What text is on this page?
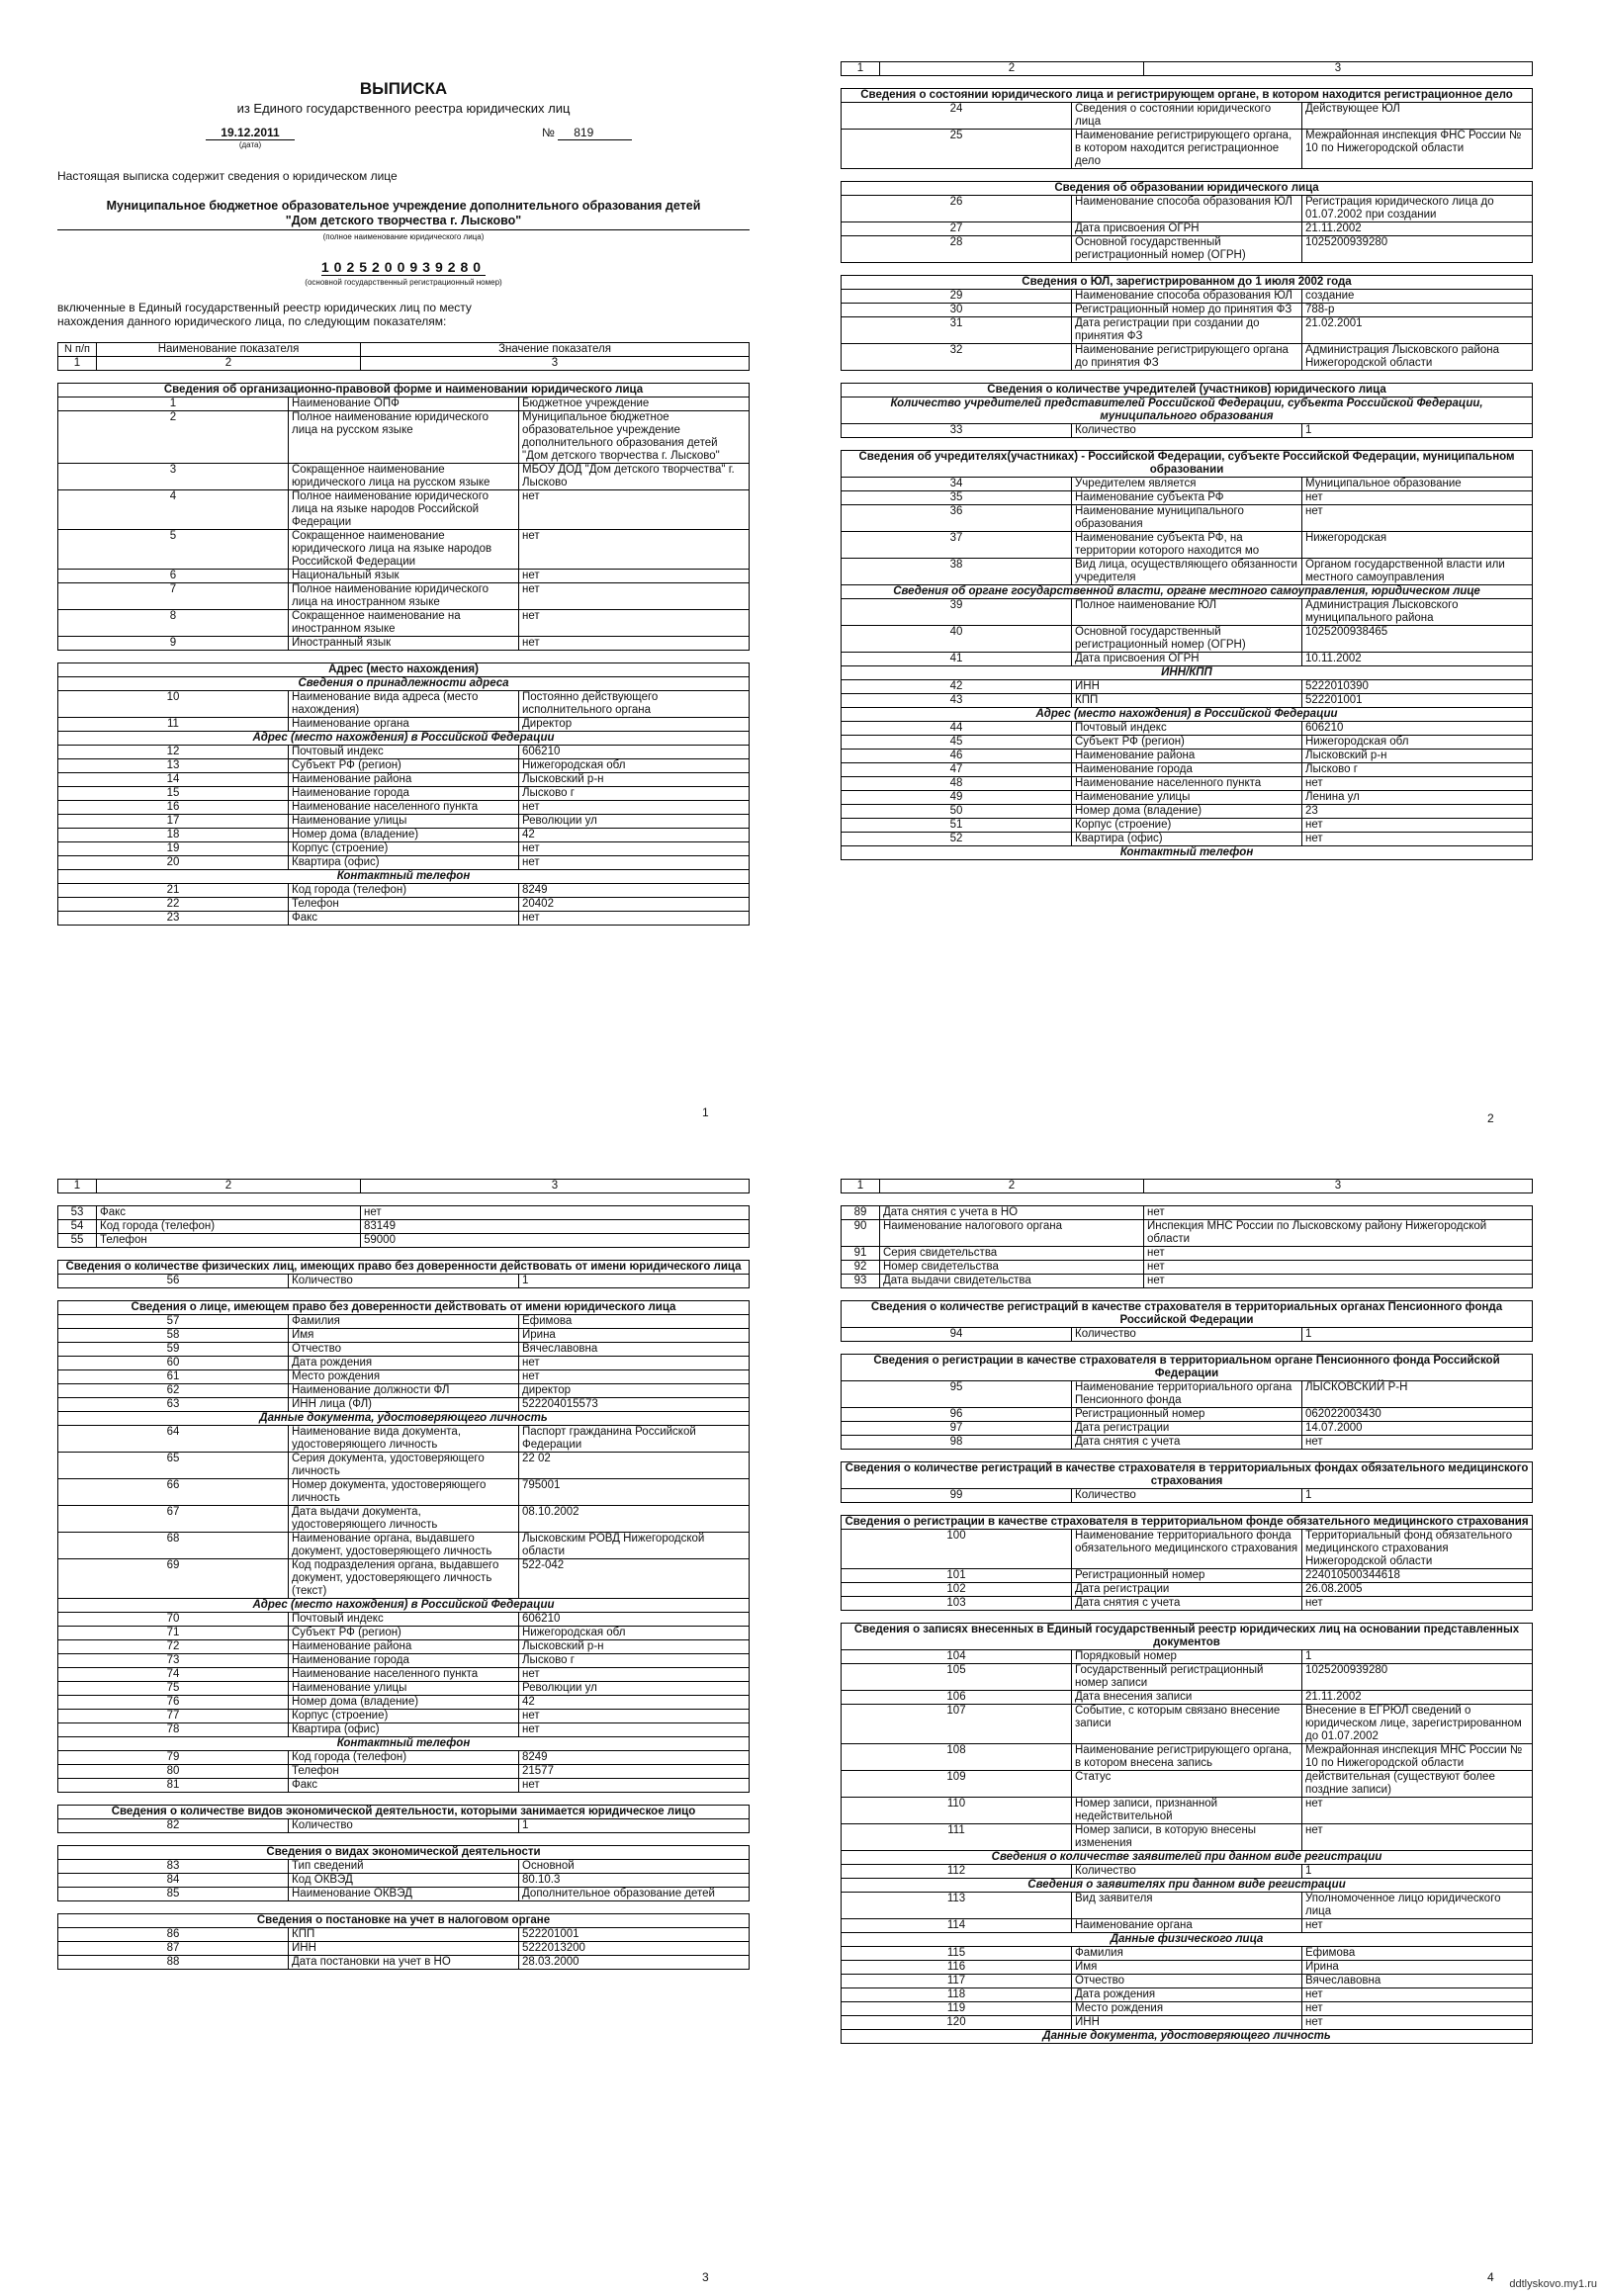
ВЫПИСКА
из Единого государственного реестра юридических лиц
19.12.2011
(дата)
№ 819
Настоящая выписка содержит сведения о юридическом лице
Муниципальное бюджетное образовательное учреждение дополнительного образования детей
"Дом детского творчества г. Лысково"
(полное наименование юридического лица)
1025200939280
(основной государственный регистрационный номер)
включенные в Единый государственный реестр юридических лиц по месту
нахождения данного юридического лица, по следующим показателям:
N п/п	Наименование показателя	Значение показателя
1	2	3
Сведения об организационно-правовой форме и наименовании юридического лица		
1	Наименование ОПФ	Бюджетное учреждение
2	Полное наименование юридического лица на русском языке	Муниципальное бюджетное образовательное учреждение дополнительного образования детей "Дом детского творчества г. Лысково"
3	Сокращенное наименование юридического лица на русском языке	МБОУ ДОД "Дом детского творчества" г. Лысково
4	Полное наименование юридического лица на языке народов Российской Федерации	нет
5	Сокращенное наименование юридического лица на языке народов Российской Федерации	нет
6	Национальный язык	нет
7	Полное наименование юридического лица на иностранном языке	нет
8	Сокращенное наименование на иностранном языке	нет
9	Иностранный язык	нет
Адрес (место нахождения)		
Сведения о принадлежности адреса		
10	Наименование вида адреса (место нахождения)	Постоянно действующего исполнительного органа
11	Наименование органа	Директор
Адрес (место нахождения) в Российской Федерации		
12	Почтовый индекс	606210
13	Субъект РФ (регион)	Нижегородская обл
14	Наименование района	Лысковский р-н
15	Наименование города	Лысково г
16	Наименование населенного пункта	нет
17	Наименование улицы	Революции ул
18	Номер дома (владение)	42
19	Корпус (строение)	нет
20	Квартира (офис)	нет
Контактный телефон		
21	Код города (телефон)	8249
22	Телефон	20402
23	Факс	нет
1
1	2	3
Сведения о состоянии юридического лица и регистрирующем органе, в котором находится регистрационное дело		
24	Сведения о состоянии юридического лица	Действующее ЮЛ
25	Наименование регистрирующего органа, в котором находится регистрационное дело	Межрайонная инспекция ФНС России № 10 по Нижегородской области
Сведения об образовании юридического лица		
26	Наименование способа образования ЮЛ	Регистрация юридического лица до 01.07.2002 при создании
27	Дата присвоения ОГРН	21.11.2002
28	Основной государственный регистрационный номер (ОГРН)	1025200939280
Сведения о ЮЛ, зарегистрированном до 1 июля 2002 года		
29	Наименование способа образования ЮЛ	создание
30	Регистрационный номер до принятия ФЗ	788-р
31	Дата регистрации при создании до принятия ФЗ	21.02.2001
32	Наименование регистрирующего органа до принятия ФЗ	Администрация Лысковского района Нижегородской области
Сведения о количестве учредителей (участников) юридического лица
Количество учредителей представителей Российской Федерации, субъекта Российской Федерации, муниципального образования
33	Количество	1
Сведения об учредителях(участниках) - Российской Федерации, субъекте Российской Федерации, муниципальном образовании		
34	Учредителем является	Муниципальное образование
35	Наименование субъекта РФ	нет
36	Наименование муниципального образования	нет
37	Наименование субъекта РФ, на территории которого находится мо	Нижегородская
38	Вид лица, осуществляющего обязанности учредителя	Органом государственной власти или местного самоуправления
Сведения об органе государственной власти, органе местного самоуправления, юридическом лице		
39	Полное наименование ЮЛ	Администрация Лысковского муниципального района
40	Основной государственный регистрационный номер (ОГРН)	1025200938465
41	Дата присвоения ОГРН	10.11.2002
ИНН/КПП		
42	ИНН	5222010390
43	КПП	522201001
Адрес (место нахождения) в Российской Федерации		
44	Почтовый индекс	606210
45	Субъект РФ (регион)	Нижегородская обл
46	Наименование района	Лысковский р-н
47	Наименование города	Лысково г
48	Наименование населенного пункта	нет
49	Наименование улицы	Ленина ул
50	Номер дома (владение)	23
51	Корпус (строение)	нет
52	Квартира (офис)	нет
Контактный телефон		
2
1	2	3
53	Факс	нет
54	Код города (телефон)	83149
55	Телефон	59000
Сведения о количестве физических лиц, имеющих право без доверенности действовать от имени юридического лица
56	Количество	1
Сведения о лице, имеющем право без доверенности действовать от имени юридического лица		
57	Фамилия	Ефимова
58	Имя	Ирина
59	Отчество	Вячеславовна
60	Дата рождения	нет
61	Место рождения	нет
62	Наименование должности ФЛ	директор
63	ИНН лица (ФЛ)	522204015573
Данные документа, удостоверяющего личность		
64	Наименование вида документа, удостоверяющего личность	Паспорт гражданина Российской Федерации
65	Серия документа, удостоверяющего личность	22 02
66	Номер документа, удостоверяющего личность	795001
67	Дата выдачи документа, удостоверяющего личность	08.10.2002
68	Наименование органа, выдавшего документ, удостоверяющего личность	Лысковским РОВД Нижегородской области
69	Код подразделения органа, выдавшего документ, удостоверяющего личность (текст)	522-042
Адрес (место нахождения) в Российской Федерации		
70	Почтовый индекс	606210
71	Субъект РФ (регион)	Нижегородская обл
72	Наименование района	Лысковский р-н
73	Наименование города	Лысково г
74	Наименование населенного пункта	нет
75	Наименование улицы	Революции ул
76	Номер дома (владение)	42
77	Корпус (строение)	нет
78	Квартира (офис)	нет
Контактный телефон		
79	Код города (телефон)	8249
80	Телефон	21577
81	Факс	нет
Сведения о количестве видов экономической деятельности, которыми занимается юридическое лицо
82	Количество	1
Сведения о видах экономической деятельности		
83	Тип сведений	Основной
84	Код ОКВЭД	80.10.3
85	Наименование ОКВЭД	Дополнительное образование детей
Сведения о постановке на учет в налоговом органе		
86	КПП	522201001
87	ИНН	5222013200
88	Дата постановки на учет в НО	28.03.2000
3
1	2	3
89	Дата снятия с учета в НО	нет
90	Наименование налогового органа	Инспекция МНС России по Лысковскому району Нижегородской области
91	Серия свидетельства	нет
92	Номер свидетельства	нет
93	Дата выдачи свидетельства	нет
Сведения о количестве регистраций в качестве страхователя в территориальных органах Пенсионного фонда Российской Федерации
94	Количество	1
Сведения о регистрации в качестве страхователя в территориальном органе Пенсионного фонда Российской Федерации		
95	Наименование территориального органа Пенсионного фонда	ЛЫСКОВСКИЙ Р-Н
96	Регистрационный номер	062022003430
97	Дата регистрации	14.07.2000
98	Дата снятия с учета	нет
Сведения о количестве регистраций в качестве страхователя в территориальных фондах обязательного медицинского страхования
99	Количество	1
Сведения о регистрации в качестве страхователя в территориальном фонде обязательного медицинского страхования		
100	Наименование территориального фонда обязательного медицинского страхования	Территориальный фонд обязательного медицинского страхования Нижегородской области
101	Регистрационный номер	224010500344618
102	Дата регистрации	26.08.2005
103	Дата снятия с учета	нет
Сведения о записях внесенных в Единый государственный реестр юридических лиц на основании представленных документов		
104	Порядковый номер	1
105	Государственный регистрационный номер записи	1025200939280
106	Дата внесения записи	21.11.2002
107	Событие, с которым связано внесение записи	Внесение в ЕГРЮЛ сведений о юридическом лице, зарегистрированном до 01.07.2002
108	Наименование регистрирующего органа, в котором внесена запись	Межрайонная инспекция МНС России № 10 по Нижегородской области
109	Статус	действительная (существуют более поздние записи)
110	Номер записи, признанной недействительной	нет
111	Номер записи, в которую внесены изменения	нет
Сведения о количестве заявителей при данном виде регистрации		
112	Количество	1
Сведения о заявителях при данном виде регистрации		
113	Вид заявителя	Уполномоченное лицо юридического лица
114	Наименование органа	нет
Данные физического лица		
115	Фамилия	Ефимова
116	Имя	Ирина
117	Отчество	Вячеславовна
118	Дата рождения	нет
119	Место рождения	нет
120	ИНН	нет
Данные документа, удостоверяющего личность		
4 ddtlyskovo.my1.ru
